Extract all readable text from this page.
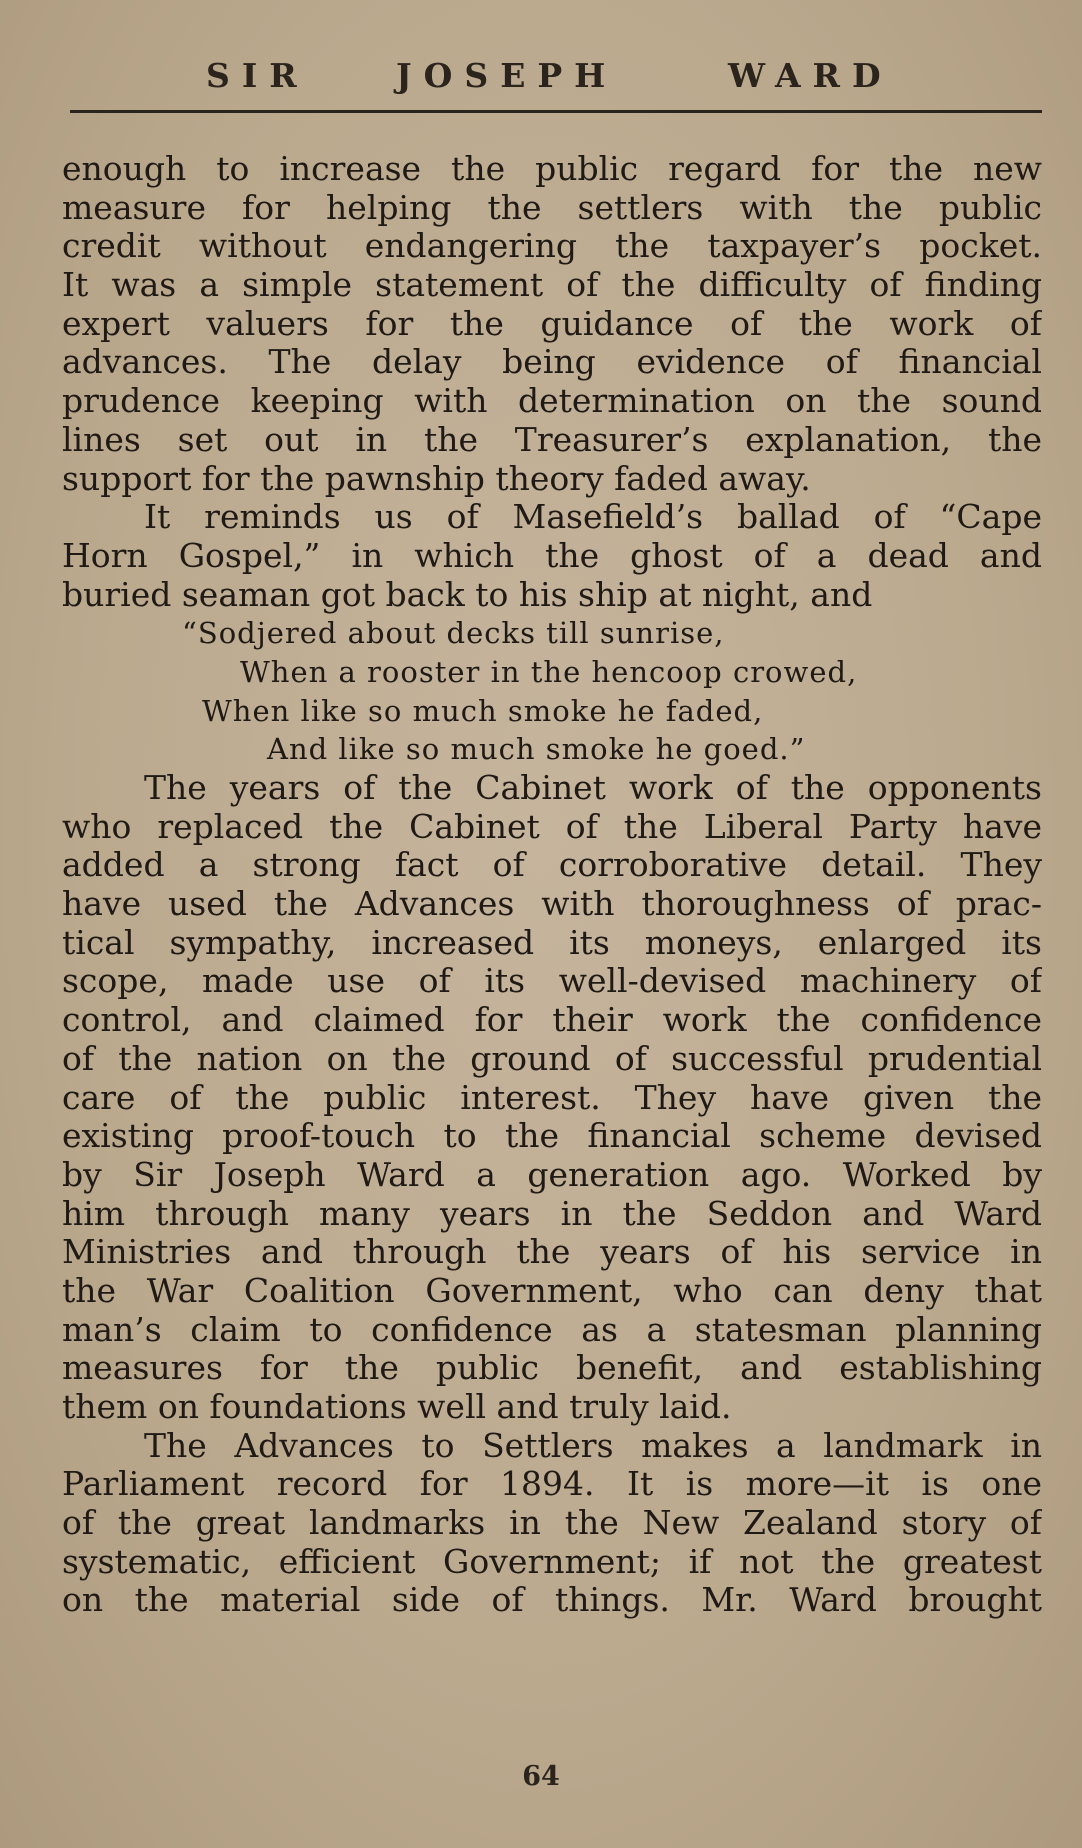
SIR	JOSEPH	WARD
enough to increase the public regard for the new
measure for helping the settlers with the public
credit without endangering the taxpayer’s pocket.
It was a simple statement of the difficulty of finding
expert valuers for the guidance of the work of
advances. The delay being evidence of financial
prudence keeping with determination on the sound
lines set out in the Treasurer’s explanation, the
support for the pawnship theory faded away.
It reminds us of Masefield’s ballad of “Cape
Horn Gospel,” in which the ghost of a dead and
buried seaman got back to his ship at night, and
“Sodjered about decks till sunrise,
When a rooster in the hencoop crowed,
When like so much smoke he faded,
And like so much smoke he goed.”
The years of the Cabinet work of the opponents
who replaced the Cabinet of the Liberal Party have
added a strong fact of corroborative detail. They
have used the Advances with thoroughness of prac-
tical sympathy, increased its moneys, enlarged its
scope, made use of its well-devised machinery of
control, and claimed for their work the confidence
of the nation on the ground of successful prudential
care of the public interest. They have given the
existing proof-touch to the financial scheme devised
by Sir Joseph Ward a generation ago. Worked by
him through many years in the Seddon and Ward
Ministries and through the years of his service in
the War Coalition Government, who can deny that
man’s claim to confidence as a statesman planning
measures for the public benefit, and establishing
them on foundations well and truly laid.
The Advances to Settlers makes a landmark in
Parliament record for 1894. It is more—it is one
of the great landmarks in the New Zealand story of
systematic, efficient Government; if not the greatest
on the material side of things. Mr. Ward brought
64
